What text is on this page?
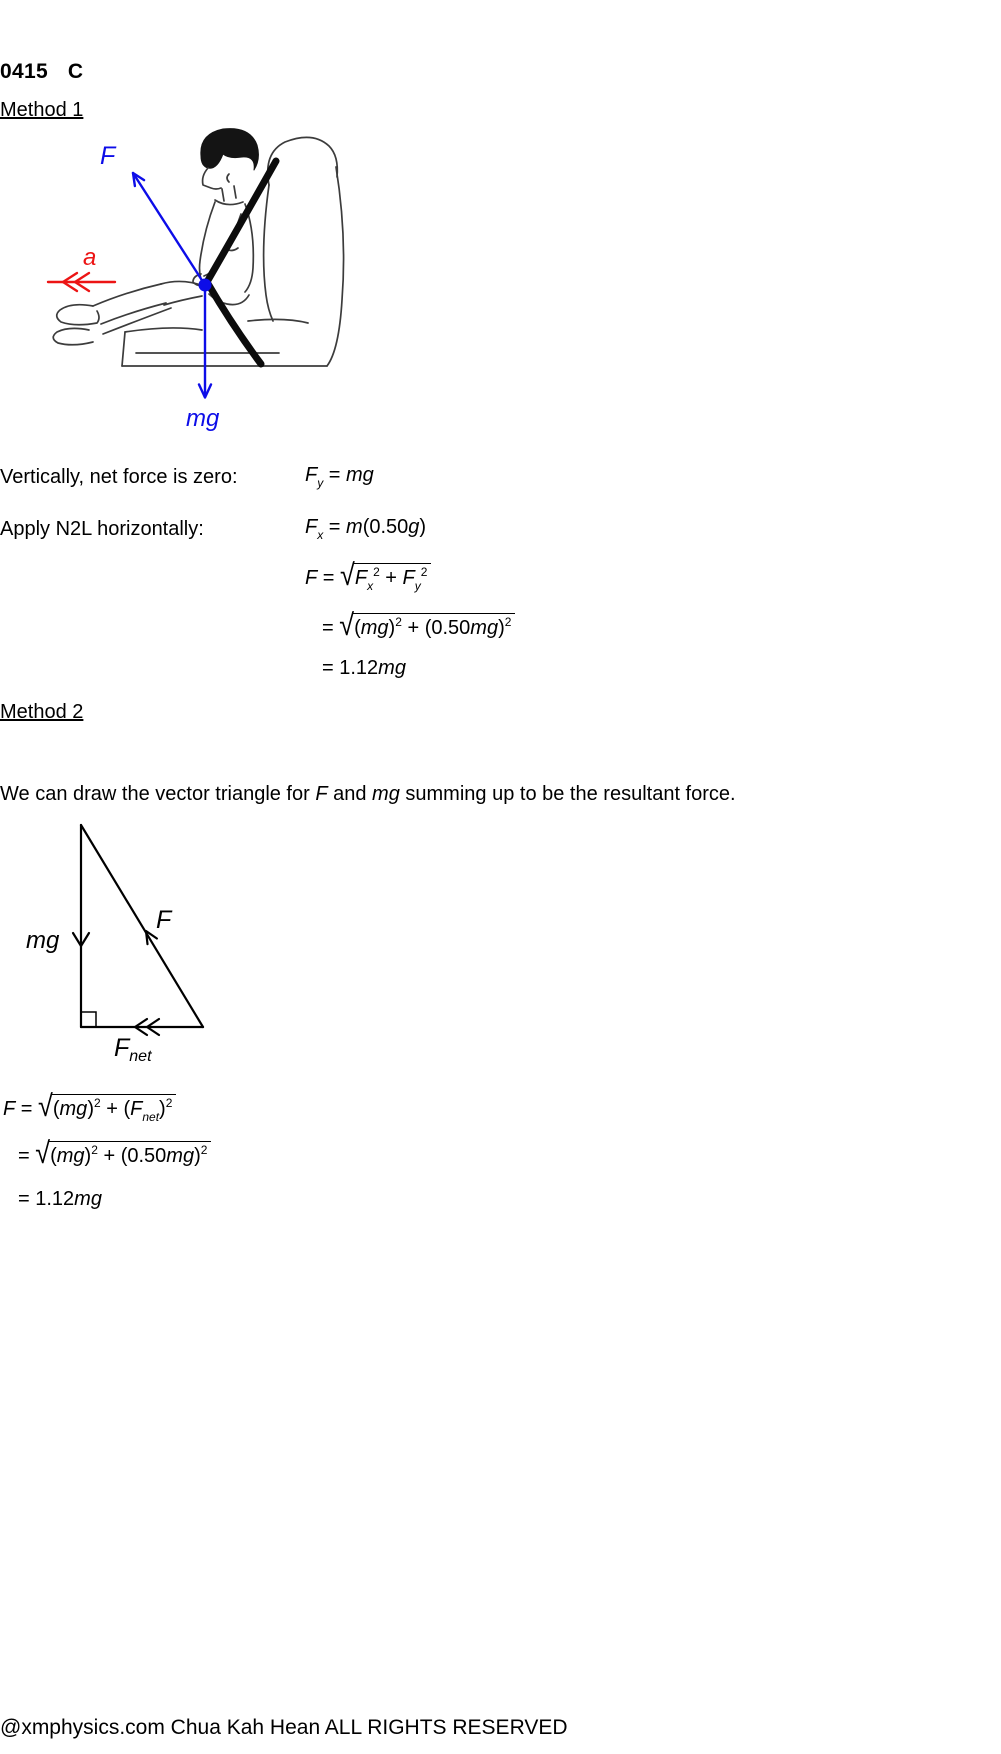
0415 C
Method 1
a
F
mg
Vertically, net force is zero:	$F_y$ = mg
Apply N2L horizontally:	$F_x = m(0.50g)$
F = √ $F_x^2 + F_y^2$
= √ $(mg)^2 + (0.50mg)^2$
= 1.12mg
Method 2
We can draw the vector triangle for F and mg summing up to be the resultant force.
mg
F
$F_{net}$
F = √ $(mg)^2 + (F_{net})^2$
= √ $(mg)^2 + (0.50mg)^2$
= 1.12mg
@xmphysics.com Chua Kah Hean ALL RIGHTS RESERVED
